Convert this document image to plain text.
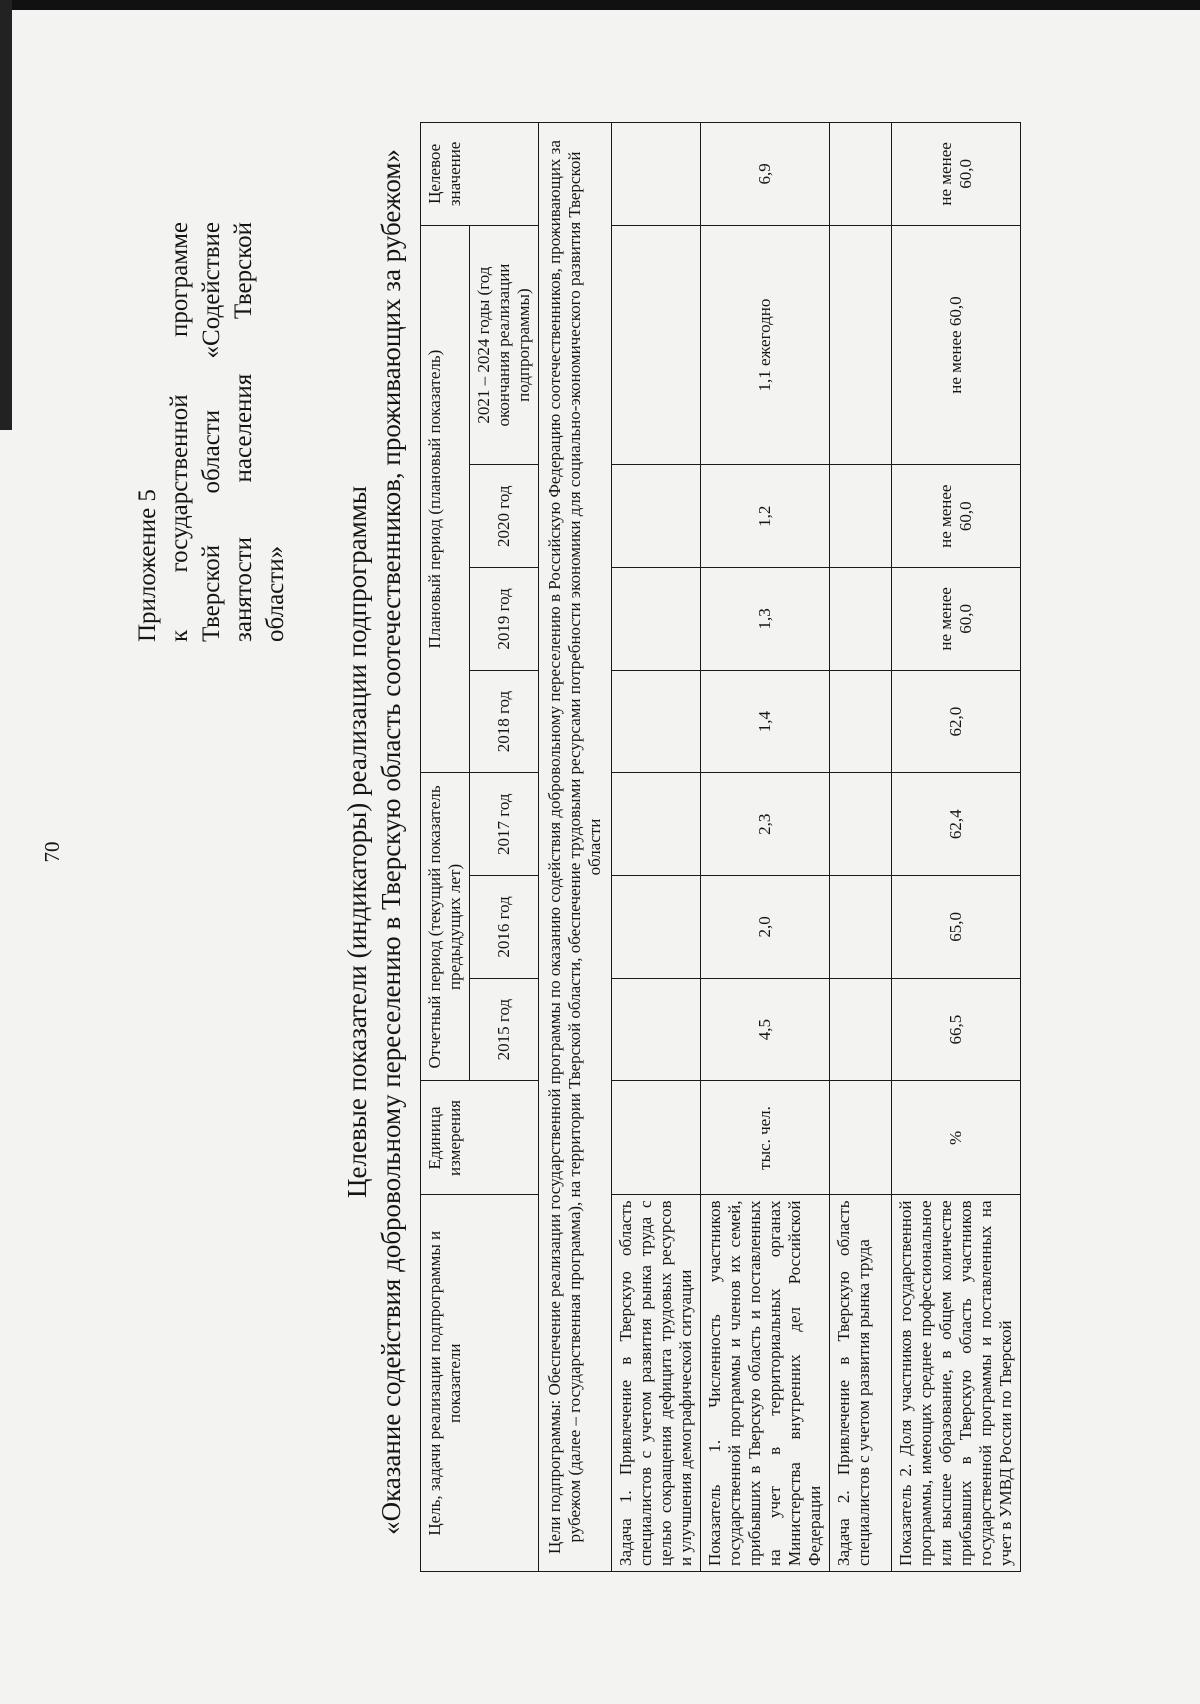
70
Приложение 5 к
государственной
программе
Тверской
области
«Содействие
занятости
населения
Тверской
области» Целевые показатели (индикаторы) реализации подпрограммы «Оказание содействия добровольному переселению в Тверскую область соотечественников, проживающих за рубежом» Цель, задачи реализации подпрограммы и показатели	Единица измерения	Отчетный период (текущий показатель предыдущих лет)			Плановый период (плановый показатель)				Целевое значение
		2015 год	2016 год	2017 год	2018 год	2019 год	2020 год	2021 – 2024 годы (год окончания реализации подпрограммы)	
Цели подпрограммы: Обеспечение реализации государственной программы по оказанию содействия добровольному переселению в Российскую Федерацию соотечественников, проживающих за рубежом (далее – государственная программа), на территории Тверской области, обеспечение трудовыми ресурсами потребности экономики для социально-экономического развития Тверской области									
Задача 1. Привлечение в Тверскую область специалистов с учетом развития рынка труда с целью сокращения дефицита трудовых ресурсов и улучшения демографической ситуации									
Показатель 1. Численность участников государственной программы и членов их семей, прибывших в Тверскую область и поставленных на учет в территориальных органах Министерства внутренних дел Российской Федерации	тыс. чел.	4,5	2,0	2,3	1,4	1,3	1,2	1,1 ежегодно	6,9
Задача 2. Привлечение в Тверскую область специалистов с учетом развития рынка труда									
Показатель 2. Доля участников государственной программы, имеющих среднее профессиональное или высшее образование, в общем количестве прибывших в Тверскую область участников государственной программы и поставленных на учет в УМВД России по Тверской	%	66,5	65,0	62,4	62,0	не менее 60,0	не менее 60,0	не менее 60,0	не менее 60,0
